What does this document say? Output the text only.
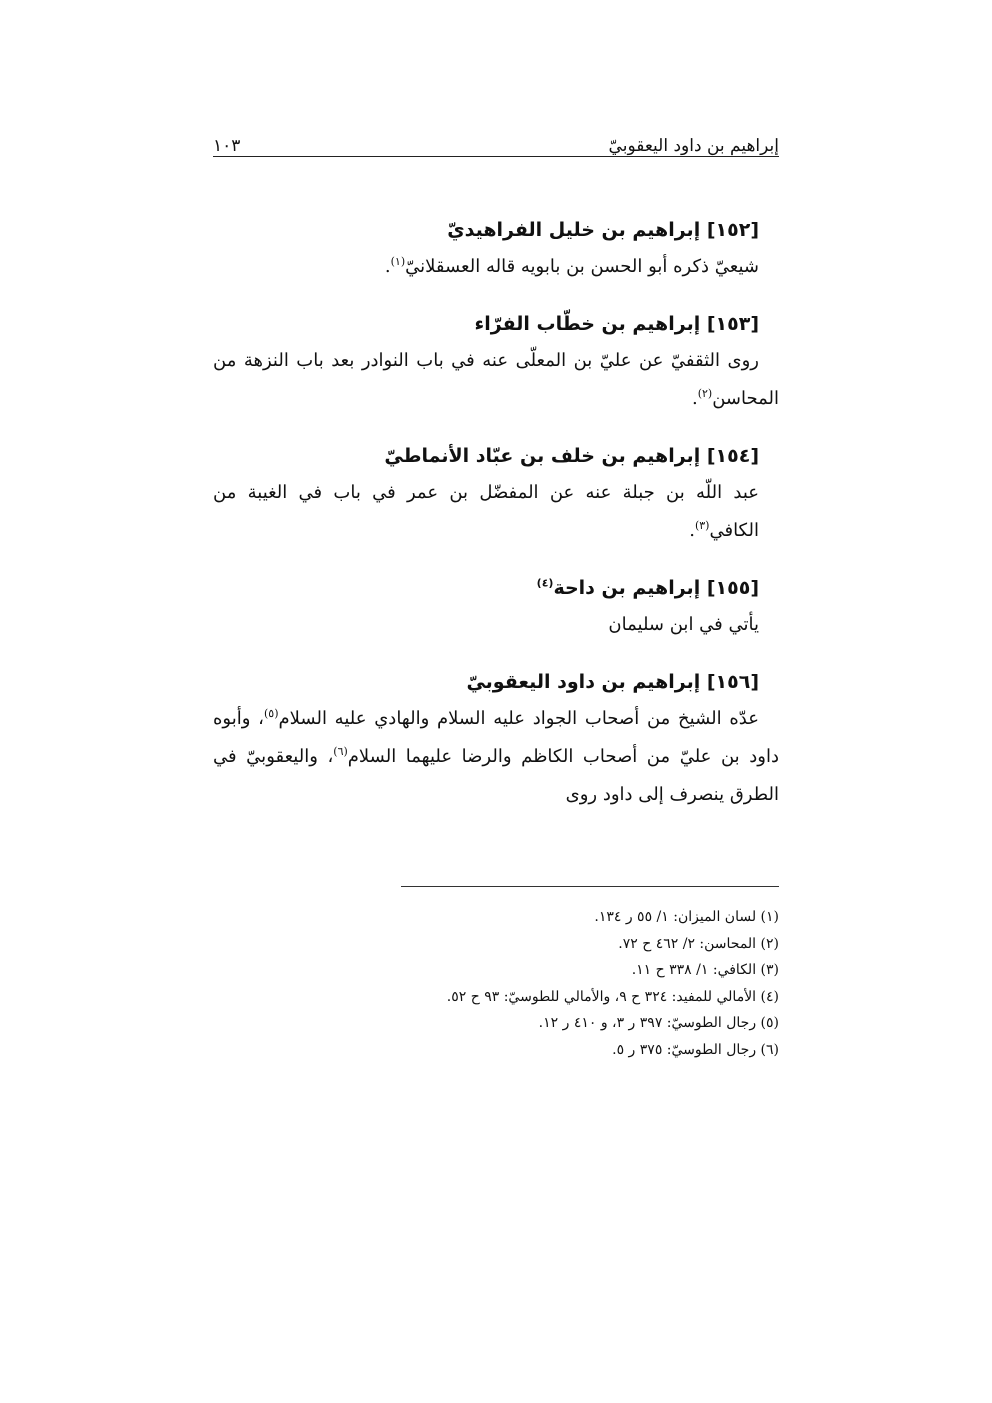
إبراهيم بن داود اليعقوبيّ
١٠٣
[١٥٢] إبراهيم بن خليل الفراهيديّ
شيعيّ ذكره أبو الحسن بن بابويه قاله العسقلانيّ$^{(١)}$.
[١٥٣] إبراهيم بن خطّاب الفرّاء
روى الثقفيّ عن عليّ بن المعلّى عنه في باب النوادر بعد باب النزهة من المحاسن$^{(٢)}$.
[١٥٤] إبراهيم بن خلف بن عبّاد الأنماطيّ
عبد اللّه بن جبلة عنه عن المفضّل بن عمر في باب في الغيبة من الكافي$^{(٣)}$.
[١٥٥] إبراهيم بن داحة$^{(٤)}$
يأتي في ابن سليمان
[١٥٦] إبراهيم بن داود اليعقوبيّ
عدّه الشيخ من أصحاب الجواد عليه السلام والهادي عليه السلام$^{(٥)}$، وأبوه داود بن عليّ من أصحاب الكاظم والرضا عليهما السلام$^{(٦)}$، واليعقوبيّ في الطرق ينصرف إلى داود روى

(١) لسان الميزان: ١/ ٥٥ ر ١٣٤.

(٢) المحاسن: ٢/ ٤٦٢ ح ٧٢.

(٣) الكافي: ١/ ٣٣٨ ح ١١.

(٤) الأمالي للمفيد: ٣٢٤ ح ٩، والأمالي للطوسيّ: ٩٣ ح ٥٢.

(٥) رجال الطوسيّ: ٣٩٧ ر ٣، و ٤١٠ ر ١٢.

(٦) رجال الطوسيّ: ٣٧٥ ر ٥.
